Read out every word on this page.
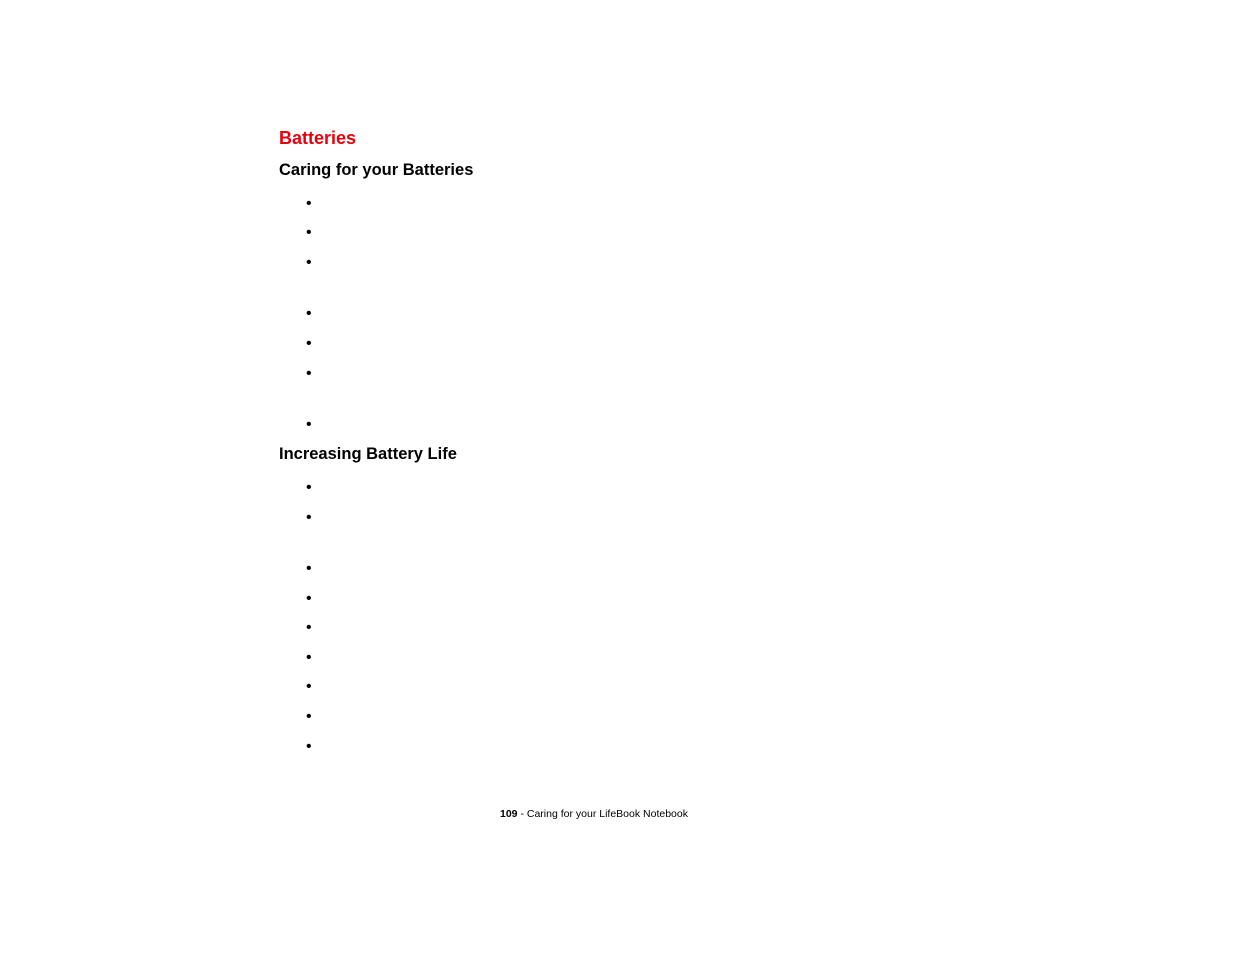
Batteries
Caring for your Batteries
•
•
•
•
•
•
•
Increasing Battery Life
•
•
•
•
•
•
•
•
•
109 - Caring for your LifeBook Notebook
